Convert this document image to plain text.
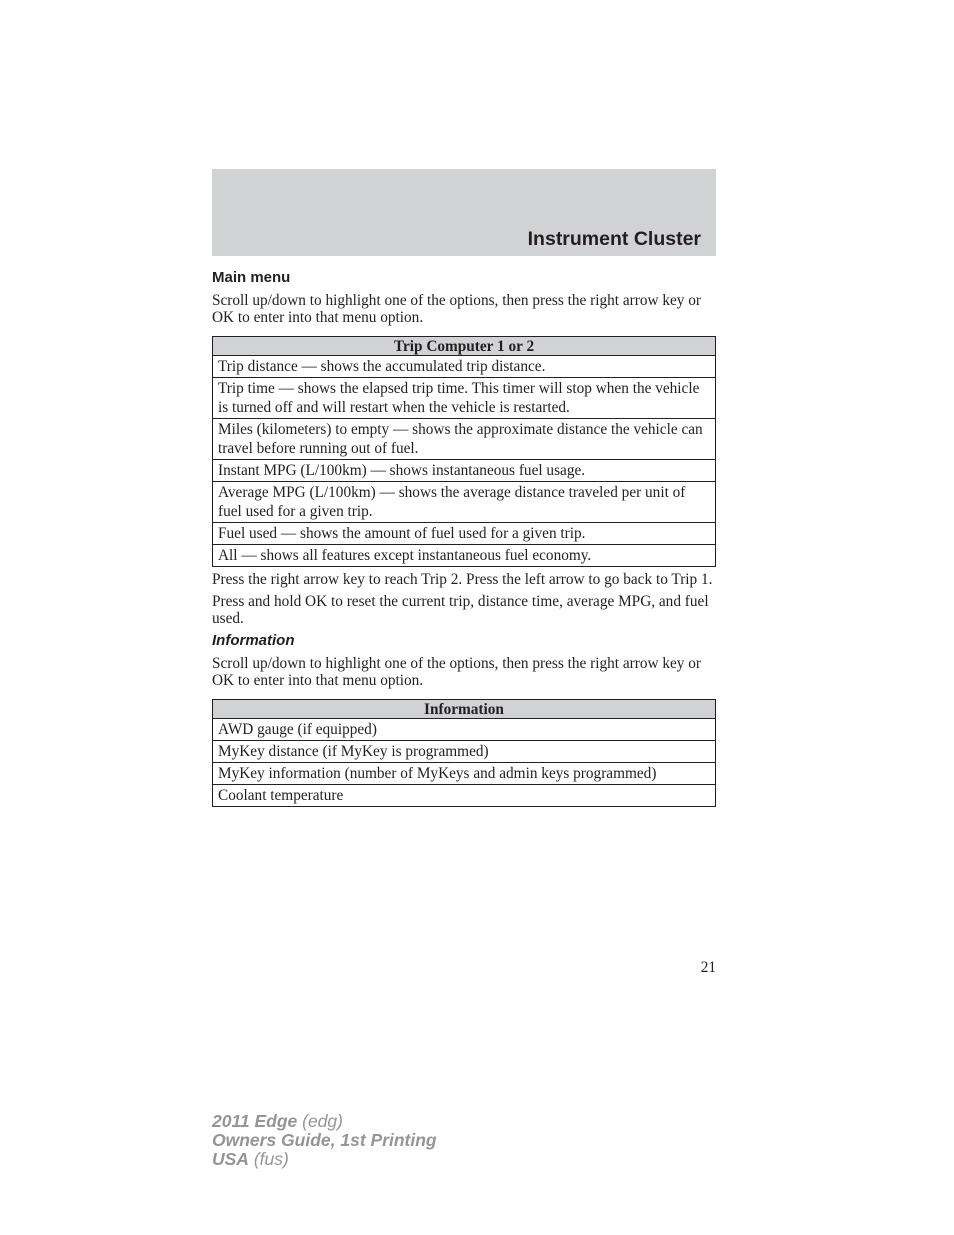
Instrument Cluster
Main menu

Scroll up/down to highlight one of the options, then press the right arrow key or OK to enter into that menu option.

Trip Computer 1 or 2
Trip distance — shows the accumulated trip distance.
Trip time — shows the elapsed trip time. This timer will stop when the vehicle is turned off and will restart when the vehicle is restarted.
Miles (kilometers) to empty — shows the approximate distance the vehicle can travel before running out of fuel.
Instant MPG (L/100km) — shows instantaneous fuel usage.
Average MPG (L/100km) — shows the average distance traveled per unit of fuel used for a given trip.
Fuel used — shows the amount of fuel used for a given trip.
All — shows all features except instantaneous fuel economy.

Press the right arrow key to reach Trip 2. Press the left arrow to go back to Trip 1.

Press and hold OK to reset the current trip, distance time, average MPG, and fuel used.

Information

Scroll up/down to highlight one of the options, then press the right arrow key or OK to enter into that menu option.

Information
AWD gauge (if equipped)
MyKey distance (if MyKey is programmed)
MyKey information (number of MyKeys and admin keys programmed)
Coolant temperature
21
2011 Edge (edg)
Owners Guide, 1st Printing
USA (fus)
